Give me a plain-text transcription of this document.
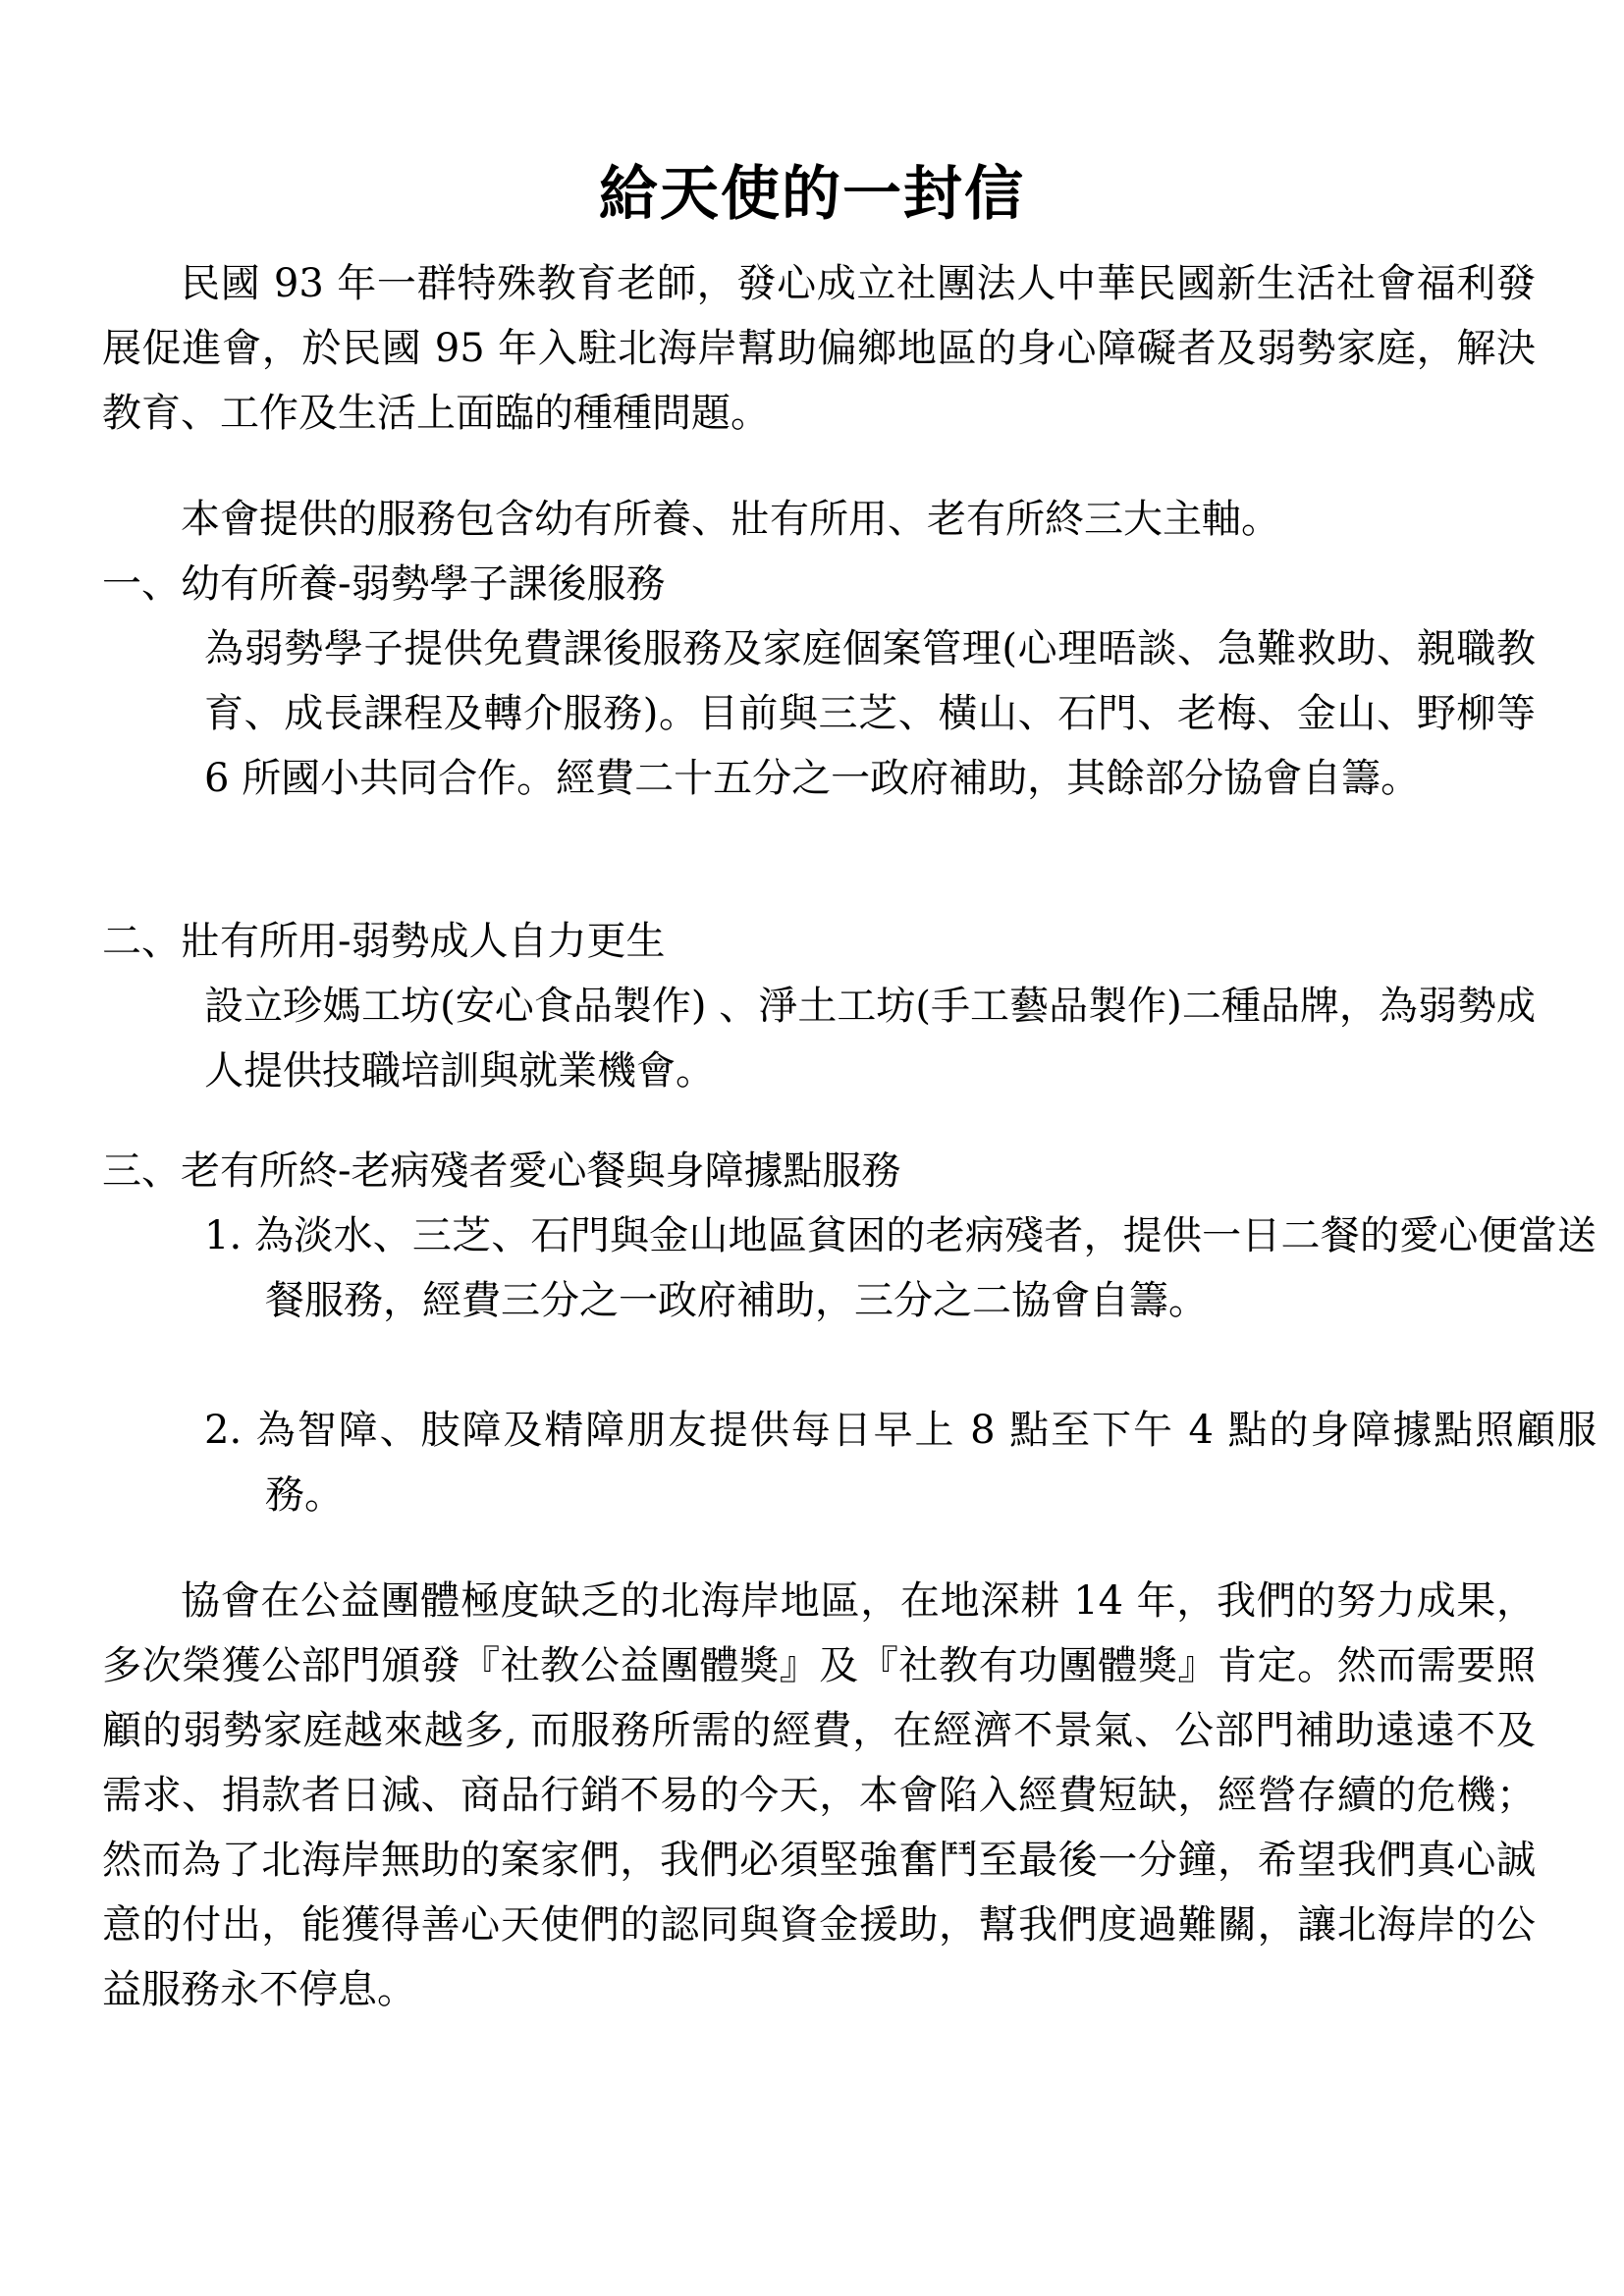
給天使的一封信

民國 93 年一群特殊教育老師，發心成立社團法人中華民國新生活社會福利發展促進會，於民國 95 年入駐北海岸幫助偏鄉地區的身心障礙者及弱勢家庭，解決教育、工作及生活上面臨的種種問題。

本會提供的服務包含幼有所養、壯有所用、老有所終三大主軸。

一、幼有所養-弱勢學子課後服務

為弱勢學子提供免費課後服務及家庭個案管理(心理晤談、急難救助、親職教育、成長課程及轉介服務)。目前與三芝、橫山、石門、老梅、金山、野柳等 6 所國小共同合作。經費二十五分之一政府補助，其餘部分協會自籌。

二、壯有所用-弱勢成人自力更生

設立珍媽工坊(安心食品製作) 、淨土工坊(手工藝品製作)二種品牌，為弱勢成人提供技職培訓與就業機會。

三、老有所終-老病殘者愛心餐與身障據點服務

1. 為淡水、三芝、石門與金山地區貧困的老病殘者，提供一日二餐的愛心便當送餐服務，經費三分之一政府補助，三分之二協會自籌。

2. 為智障、肢障及精障朋友提供每日早上 8 點至下午 4 點的身障據點照顧服務。

協會在公益團體極度缺乏的北海岸地區，在地深耕 14 年，我們的努力成果，多次榮獲公部門頒發『社教公益團體獎』及『社教有功團體獎』肯定。然而需要照顧的弱勢家庭越來越多, 而服務所需的經費，在經濟不景氣、公部門補助遠遠不及需求、捐款者日減、商品行銷不易的今天，本會陷入經費短缺，經營存續的危機；然而為了北海岸無助的案家們，我們必須堅強奮鬥至最後一分鐘，希望我們真心誠意的付出，能獲得善心天使們的認同與資金援助，幫我們度過難關，讓北海岸的公益服務永不停息。
